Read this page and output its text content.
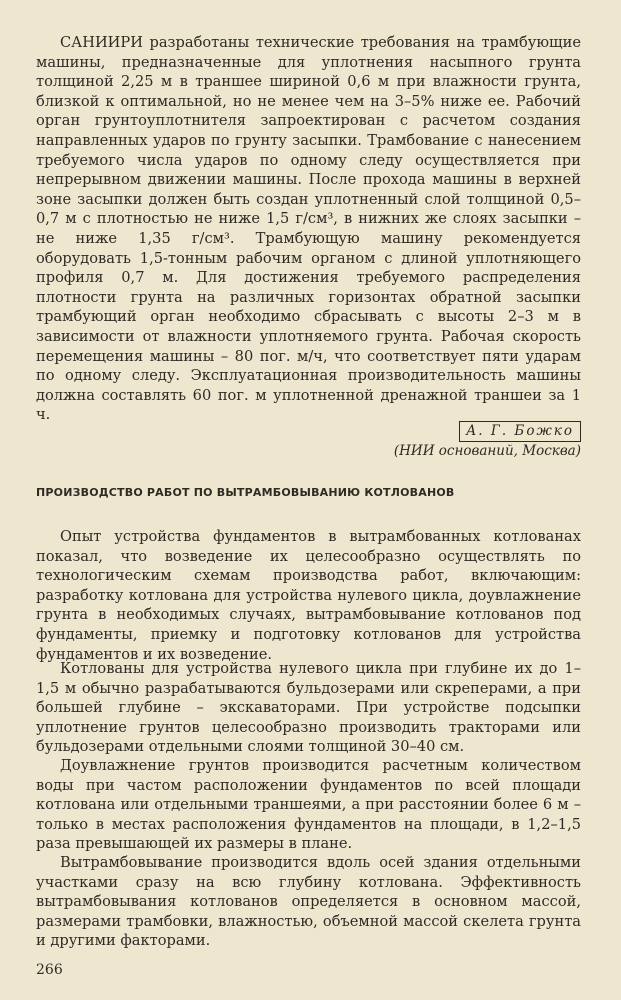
САНИИРИ разработаны технические требования на трамбующие машины, предназначенные для уплотнения насыпного грунта толщиной 2,25 м в траншее шириной 0,6 м при влажности грунта, близкой к оптимальной, но не менее чем на 3–5% ниже ее. Рабочий орган грунтоуплотнителя запроектирован с расчетом создания направленных ударов по грунту засыпки. Трамбование с нанесением требуемого числа ударов по одному следу осуществляется при непрерывном движении машины. После прохода машины в верхней зоне засыпки должен быть создан уплотненный слой толщиной 0,5–0,7 м с плотностью не ниже 1,5 г/см³, в нижних же слоях засыпки – не ниже 1,35 г/см³. Трамбующую машину рекомендуется оборудовать 1,5-тонным рабочим органом с длиной уплотняющего профиля 0,7 м. Для достижения требуемого распределения плотности грунта на различных горизонтах обратной засыпки трамбующий орган необходимо сбрасывать с высоты 2–3 м в зависимости от влажности уплотняемого грунта. Рабочая скорость перемещения машины – 80 пог. м/ч, что соответствует пяти ударам по одному следу. Эксплуатационная производительность машины должна составлять 60 пог. м уплотненной дренажной траншеи за 1 ч.

А. Г. Божко
(НИИ оснований, Москва)
ПРОИЗВОДСТВО РАБОТ ПО ВЫТРАМБОВЫВАНИЮ КОТЛОВАНОВ

Опыт устройства фундаментов в вытрамбованных котлованах показал, что возведение их целесообразно осуществлять по технологическим схемам производства работ, включающим: разработку котлована для устройства нулевого цикла, доувлажнение грунта в необходимых случаях, вытрамбовывание котлованов под фундаменты, приемку и подготовку котлованов для устройства фундаментов и их возведение.

Котлованы для устройства нулевого цикла при глубине их до 1–1,5 м обычно разрабатываются бульдозерами или скреперами, а при большей глубине – экскаваторами. При устройстве подсыпки уплотнение грунтов целесообразно производить тракторами или бульдозерами отдельными слоями толщиной 30–40 см.

Доувлажнение грунтов производится расчетным количеством воды при частом расположении фундаментов по всей площади котлована или отдельными траншеями, а при расстоянии более 6 м – только в местах расположения фундаментов на площади, в 1,2–1,5 раза превышающей их размеры в плане.

Вытрамбовывание производится вдоль осей здания отдельными участками сразу на всю глубину котлована. Эффективность вытрамбовывания котлованов определяется в основном массой, размерами трамбовки, влажностью, объемной массой скелета грунта и другими факторами.

266
